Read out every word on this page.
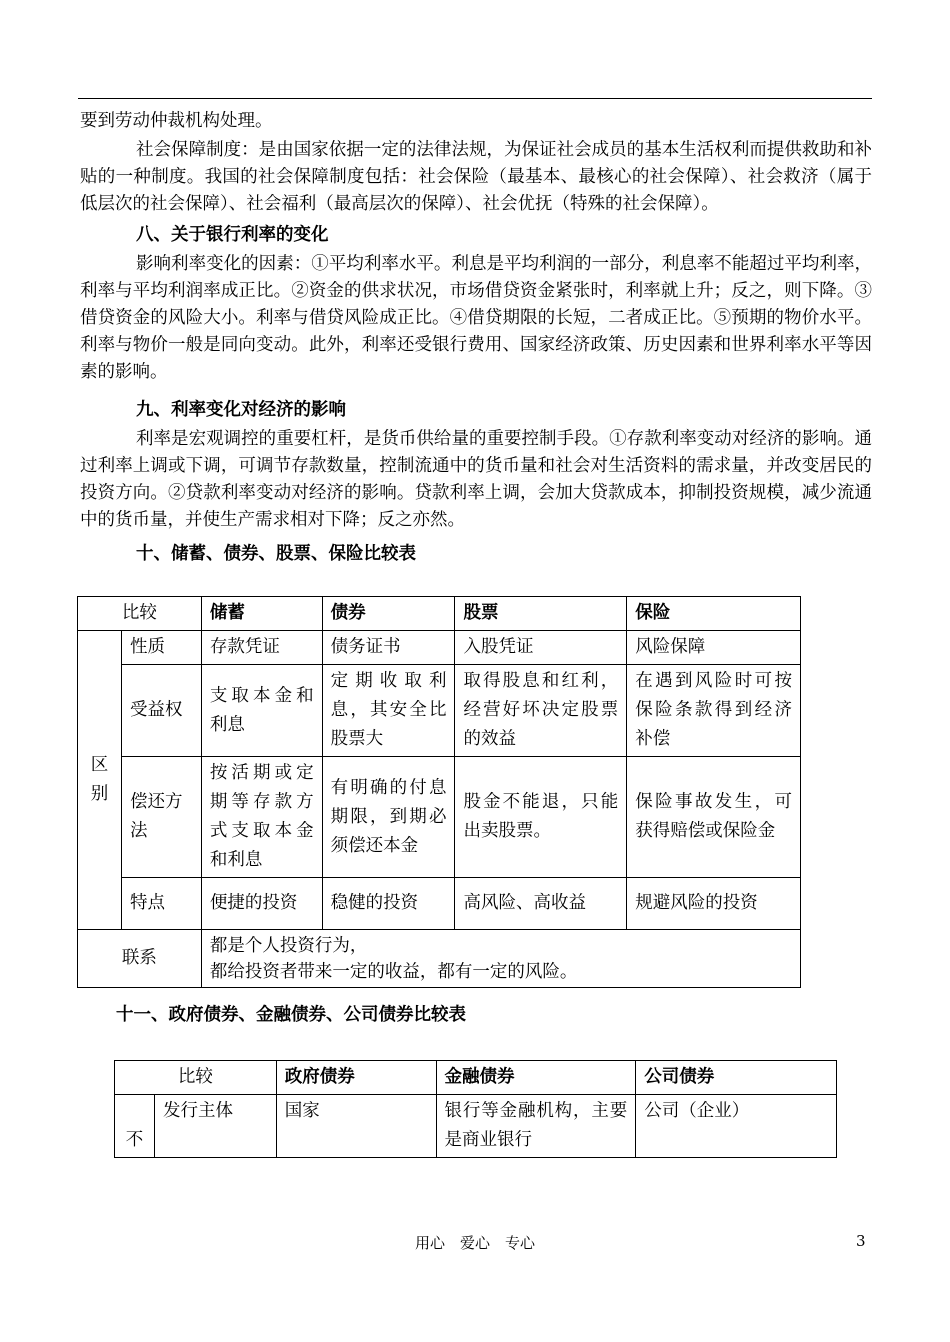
要到劳动仲裁机构处理。

社会保障制度：是由国家依据一定的法律法规，为保证社会成员的基本生活权利而提供救助和补贴的一种制度。我国的社会保障制度包括：社会保险（最基本、最核心的社会保障）、社会救济（属于低层次的社会保障）、社会福利（最高层次的保障）、社会优抚（特殊的社会保障）。

八、关于银行利率的变化

影响利率变化的因素：①平均利率水平。利息是平均利润的一部分，利息率不能超过平均利率，利率与平均利润率成正比。②资金的供求状况，市场借贷资金紧张时，利率就上升；反之，则下降。③借贷资金的风险大小。利率与借贷风险成正比。④借贷期限的长短，二者成正比。⑤预期的物价水平。利率与物价一般是同向变动。此外，利率还受银行费用、国家经济政策、历史因素和世界利率水平等因素的影响。

九、利率变化对经济的影响

利率是宏观调控的重要杠杆，是货币供给量的重要控制手段。①存款利率变动对经济的影响。通过利率上调或下调，可调节存款数量，控制流通中的货币量和社会对生活资料的需求量，并改变居民的投资方向。②贷款利率变动对经济的影响。贷款利率上调，会加大贷款成本，抑制投资规模，减少流通中的货币量，并使生产需求相对下降；反之亦然。

十、储蓄、债券、股票、保险比较表

比较		储蓄	债券	股票	保险
区别	性质	存款凭证	债务证书	入股凭证	风险保障
	受益权	支取本金和利息	定期收取利息，其安全比股票大	取得股息和红利，经营好坏决定股票的效益	在遇到风险时可按保险条款得到经济补偿
	偿还方法	按活期或定期等存款方式支取本金和利息	有明确的付息期限，到期必须偿还本金	股金不能退，只能出卖股票。	保险事故发生，可获得赔偿或保险金
	特点	便捷的投资	稳健的投资	高风险、高收益	规避风险的投资
联系		都是个人投资行为，
都给投资者带来一定的收益，都有一定的风险。			

十一、政府债券、金融债券、公司债券比较表

比较		政府债券	金融债券	公司债券
不	发行主体	国家	银行等金融机构，主要是商业银行	公司（企业）
用心　爱心　专心	3
